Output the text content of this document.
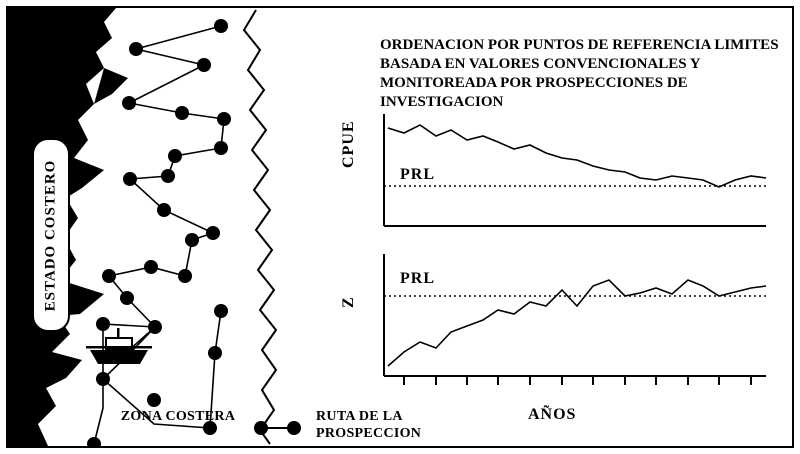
ESTADO COSTERO
ZONA COSTERA	RUTA DE LA PROSPECCION
ORDENACION POR PUNTOS DE REFERENCIA LIMITES BASADA EN VALORES CONVENCIONALES Y MONITOREADA POR PROSPECCIONES DE INVESTIGACION
PRL
Z
PRL
AÑOS
